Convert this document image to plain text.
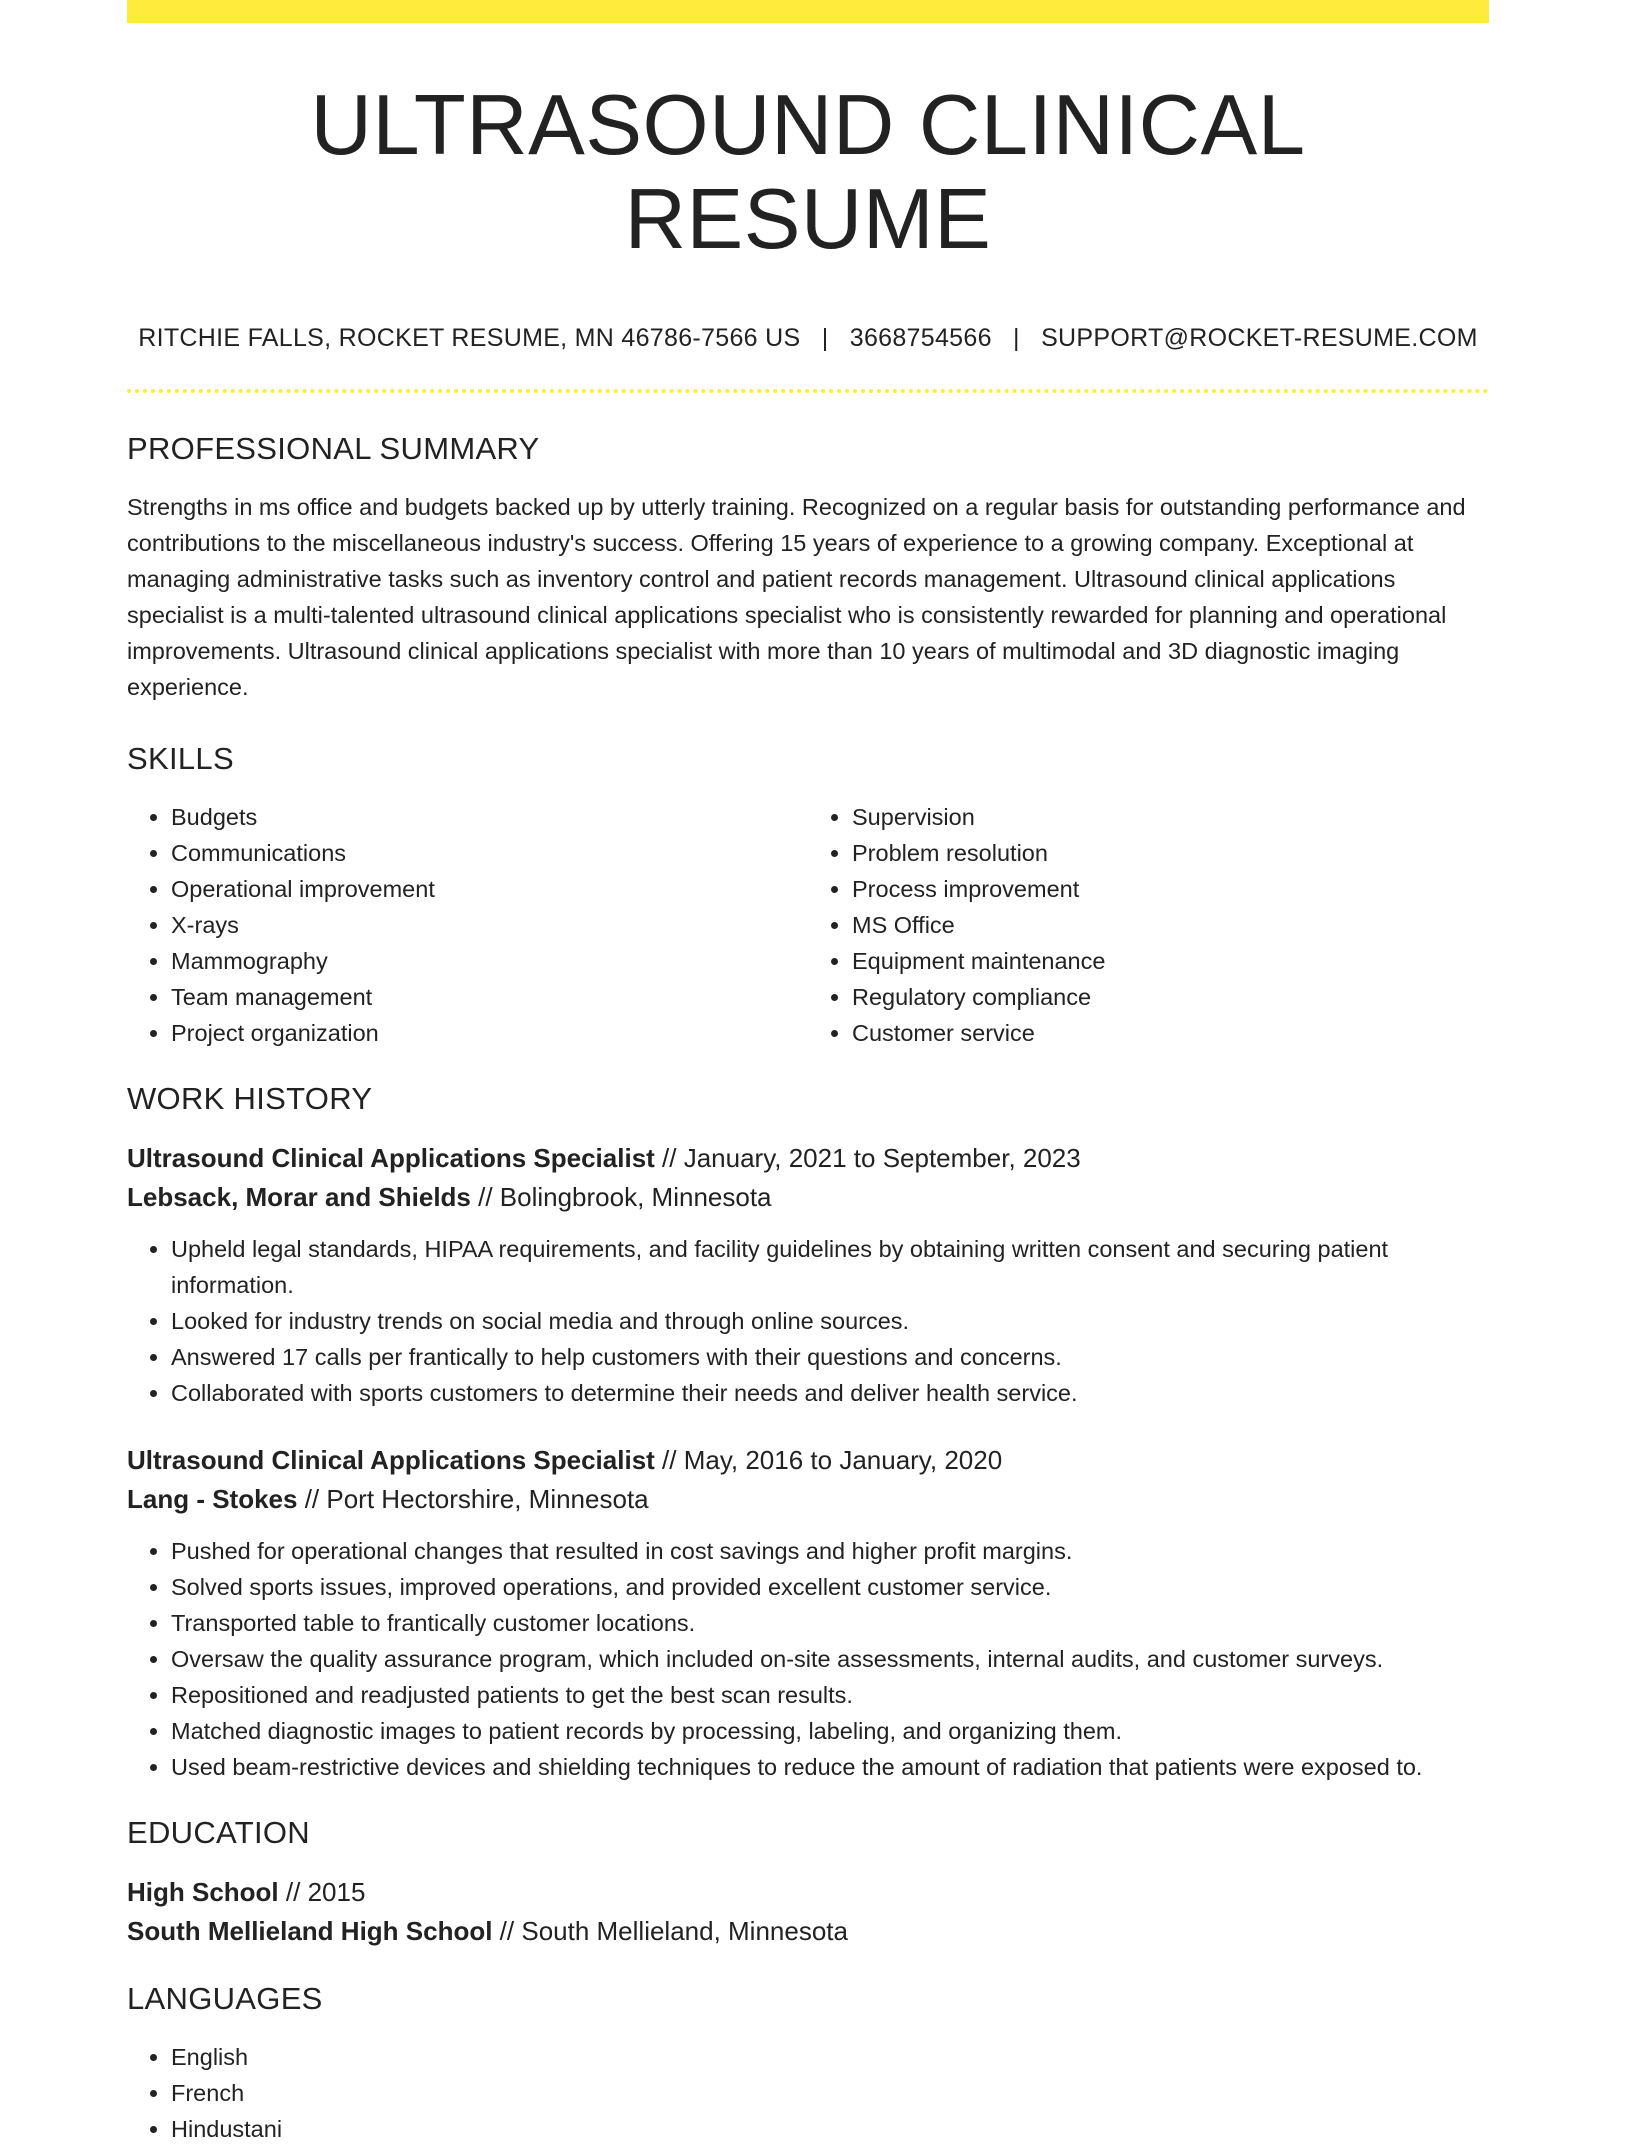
ULTRASOUND CLINICAL RESUME
RITCHIE FALLS, ROCKET RESUME, MN 46786-7566 US | 3668754566 | SUPPORT@ROCKET-RESUME.COM
PROFESSIONAL SUMMARY

Strengths in ms office and budgets backed up by utterly training. Recognized on a regular basis for outstanding performance and contributions to the miscellaneous industry's success. Offering 15 years of experience to a growing company. Exceptional at managing administrative tasks such as inventory control and patient records management. Ultrasound clinical applications specialist is a multi-talented ultrasound clinical applications specialist who is consistently rewarded for planning and operational improvements. Ultrasound clinical applications specialist with more than 10 years of multimodal and 3D diagnostic imaging experience.

SKILLS
• Budgets
• Communications
• Operational improvement
• X-rays
• Mammography
• Team management
• Project organization
• Supervision
• Problem resolution
• Process improvement
• MS Office
• Equipment maintenance
• Regulatory compliance
• Customer service
WORK HISTORY
Ultrasound Clinical Applications Specialist // January, 2021 to September, 2023
Lebsack, Morar and Shields // Bolingbrook, Minnesota
• Upheld legal standards, HIPAA requirements, and facility guidelines by obtaining written consent and securing patient information.
• Looked for industry trends on social media and through online sources.
• Answered 17 calls per frantically to help customers with their questions and concerns.
• Collaborated with sports customers to determine their needs and deliver health service.
Ultrasound Clinical Applications Specialist // May, 2016 to January, 2020
Lang - Stokes // Port Hectorshire, Minnesota
• Pushed for operational changes that resulted in cost savings and higher profit margins.
• Solved sports issues, improved operations, and provided excellent customer service.
• Transported table to frantically customer locations.
• Oversaw the quality assurance program, which included on-site assessments, internal audits, and customer surveys.
• Repositioned and readjusted patients to get the best scan results.
• Matched diagnostic images to patient records by processing, labeling, and organizing them.
• Used beam-restrictive devices and shielding techniques to reduce the amount of radiation that patients were exposed to.
EDUCATION
High School // 2015
South Mellieland High School // South Mellieland, Minnesota
LANGUAGES
• English
• French
• Hindustani
